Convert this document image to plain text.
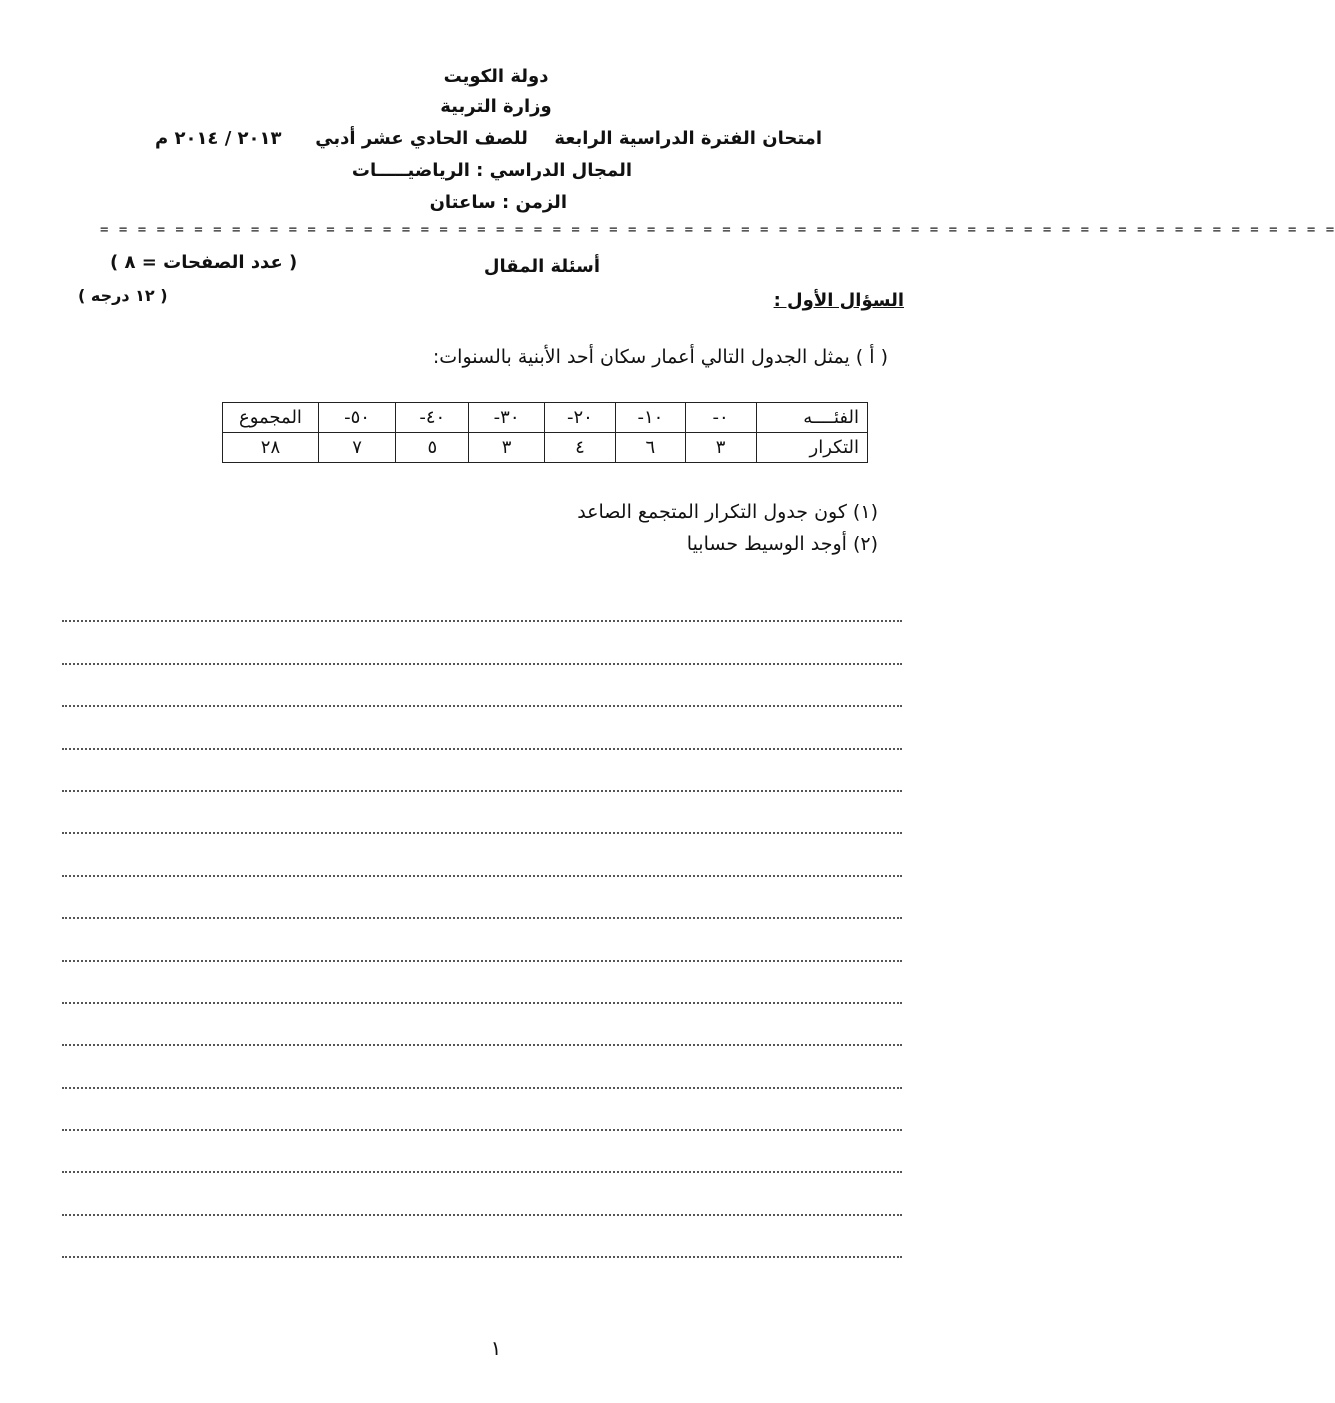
دولة الكويت
وزارة التربية
امتحان الفترة الدراسية الرابعة  للصف الحادي عشر أدبي
٢٠١٣ / ٢٠١٤ م
المجال الدراسي : الرياضيـــــات
الزمن : ساعتان
= = = = = = = = = = = = = = = = = = = = = = = = = = = = = = = = = = = = = = = = = = = = = = = = = = = = = = = = = = = = = = = = = =
أسئلة المقال
( عدد الصفحات = ٨ )
السؤال الأول :
( ١٢ درجه )
( أ ) يمثل الجدول التالي أعمار سكان أحد الأبنية بالسنوات:
الفئــــه	٠-	١٠-	٢٠-	٣٠-	٤٠-	٥٠-	المجموع
التكرار	٣	٦	٤	٣	٥	٧	٢٨
(١) كون جدول التكرار المتجمع الصاعد
(٢) أوجد الوسيط حسابيا
١
